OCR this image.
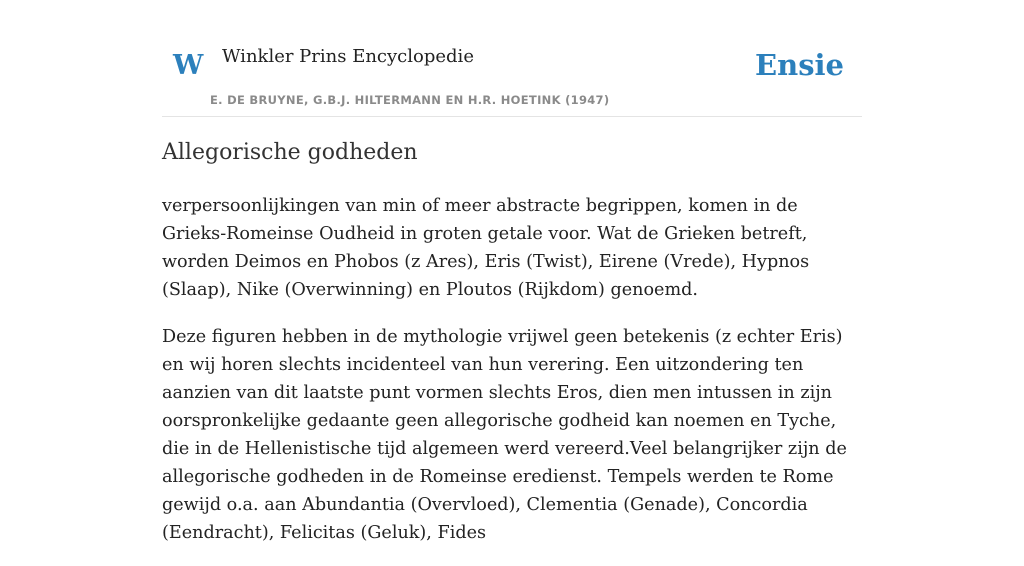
W Winkler Prins Encyclopedie
E. DE BRUYNE, G.B.J. HILTERMANN EN H.R. HOETINK (1947)
Ensie
Allegorische godheden

verpersoonlijkingen van min of meer abstracte begrippen, komen in de Grieks-Romeinse Oudheid in groten getale voor. Wat de Grieken betreft, worden Deimos en Phobos (z Ares), Eris (Twist), Eirene (Vrede), Hypnos (Slaap), Nike (Overwinning) en Ploutos (Rijkdom) genoemd.

Deze figuren hebben in de mythologie vrijwel geen betekenis (z echter Eris) en wij horen slechts incidenteel van hun verering. Een uitzondering ten aanzien van dit laatste punt vormen slechts Eros, dien men intussen in zijn oorspronkelijke gedaante geen allegorische godheid kan noemen en Tyche, die in de Hellenistische tijd algemeen werd vereerd.Veel belangrijker zijn de allegorische godheden in de Romeinse eredienst. Tempels werden te Rome gewijd o.a. aan Abundantia (Overvloed), Clementia (Genade), Concordia (Eendracht), Felicitas (Geluk), Fides
